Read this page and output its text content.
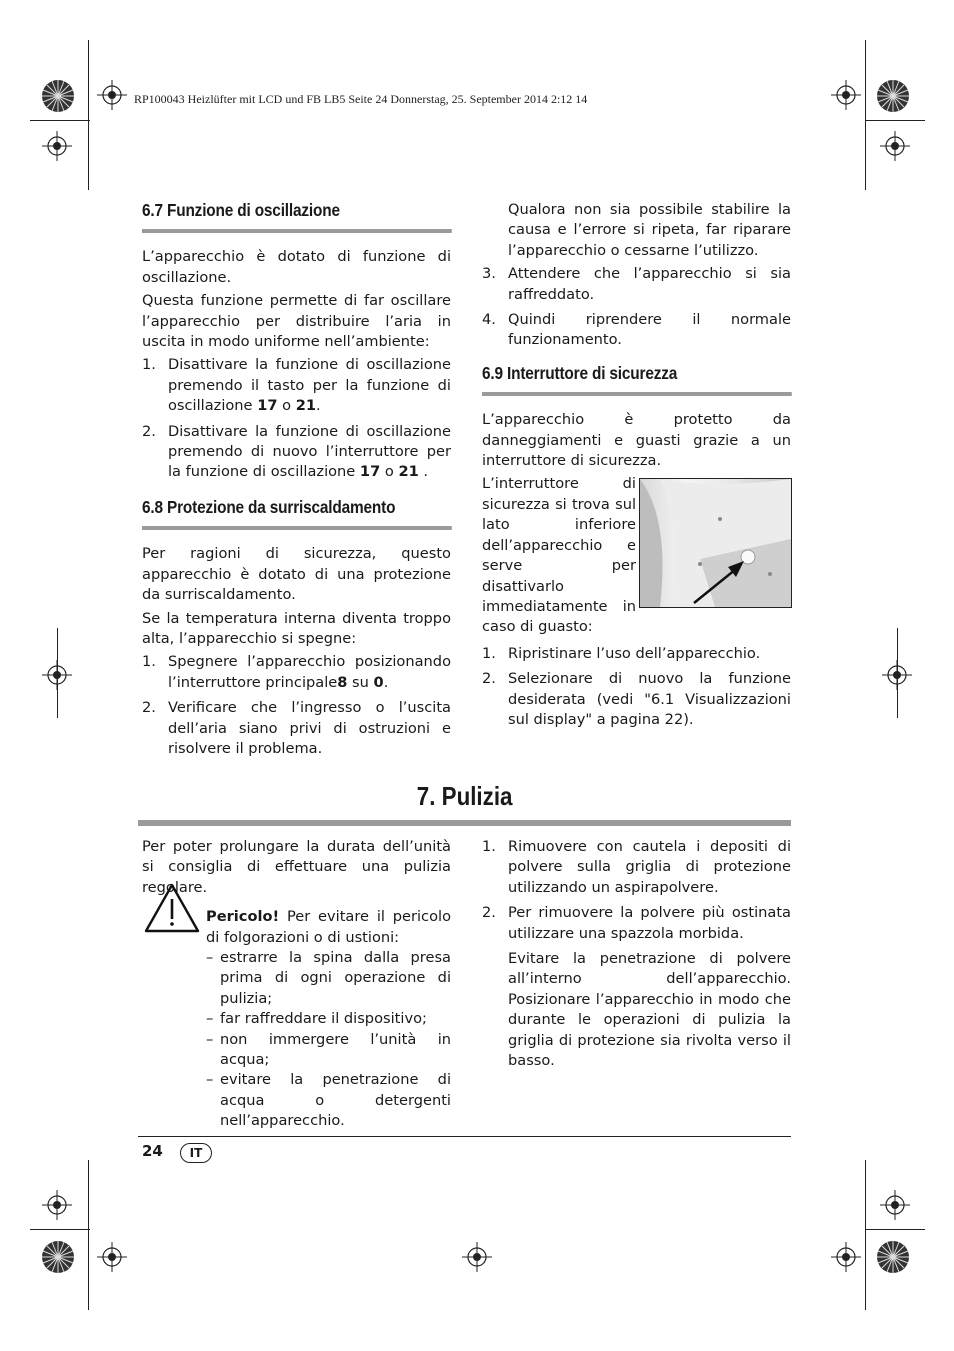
RP100043 Heizlüfter mit LCD und FB LB5 Seite 24 Donnerstag, 25. September 2014 2:12 14
6.7 Funzione di oscillazione

L’apparecchio è dotato di funzione di oscillazione.

Questa funzione permette di far oscillare l’apparecchio per distribuire l’aria in uscita in modo uniforme nell’ambiente:

1. Disattivare la funzione di oscillazione premendo il tasto per la funzione di oscillazione 17 o 21.
2. Disattivare la funzione di oscillazione premendo di nuovo l’interruttore per la funzione di oscillazione 17 o 21 .
6.8 Protezione da surriscaldamento

Per ragioni di sicurezza, questo apparecchio è dotato di una protezione da surriscaldamento.

Se la temperatura interna diventa troppo alta, l’apparecchio si spegne:

1. Spegnere l’apparecchio posizionando l’interruttore principale8 su 0.
2. Verificare che l’ingresso o l’uscita dell’aria siano privi di ostruzioni e risolvere il problema.

Qualora non sia possibile stabilire la causa e l’errore si ripeta, far riparare l’apparecchio o cessarne l’utilizzo.

3. Attendere che l’apparecchio si sia raffreddato.
4. Quindi riprendere il normale funzionamento.
6.9 Interruttore di sicurezza

L’apparecchio è protetto da danneggiamenti e guasti grazie a un interruttore di sicurezza.

L’interruttore di sicurezza si trova sul lato inferiore dell’apparecchio e serve per disattivarlo immediatamente in caso di guasto:

1. Ripristinare l’uso dell’apparecchio.
2. Selezionare di nuovo la funzione desiderata (vedi "6.1 Visualizzazioni sul display" a pagina 22).
7. Pulizia

Per poter prolungare la durata dell’unità si consiglia di effettuare una pulizia regolare.

Pericolo! Per evitare il pericolo di folgorazioni o di ustioni:

– estrarre la spina dalla presa prima di ogni operazione di pulizia;
– far raffreddare il dispositivo;
– non immergere l’unità in acqua;
– evitare la penetrazione di acqua o detergenti nell’apparecchio.
1. Rimuovere con cautela i depositi di polvere sulla griglia di protezione utilizzando un aspirapolvere.
2. Per rimuovere la polvere più ostinata utilizzare una spazzola morbida.

Evitare la penetrazione di polvere all’interno dell’apparecchio. Posizionare l’apparecchio in modo che durante le operazioni di pulizia la griglia di protezione sia rivolta verso il basso.

24	IT
